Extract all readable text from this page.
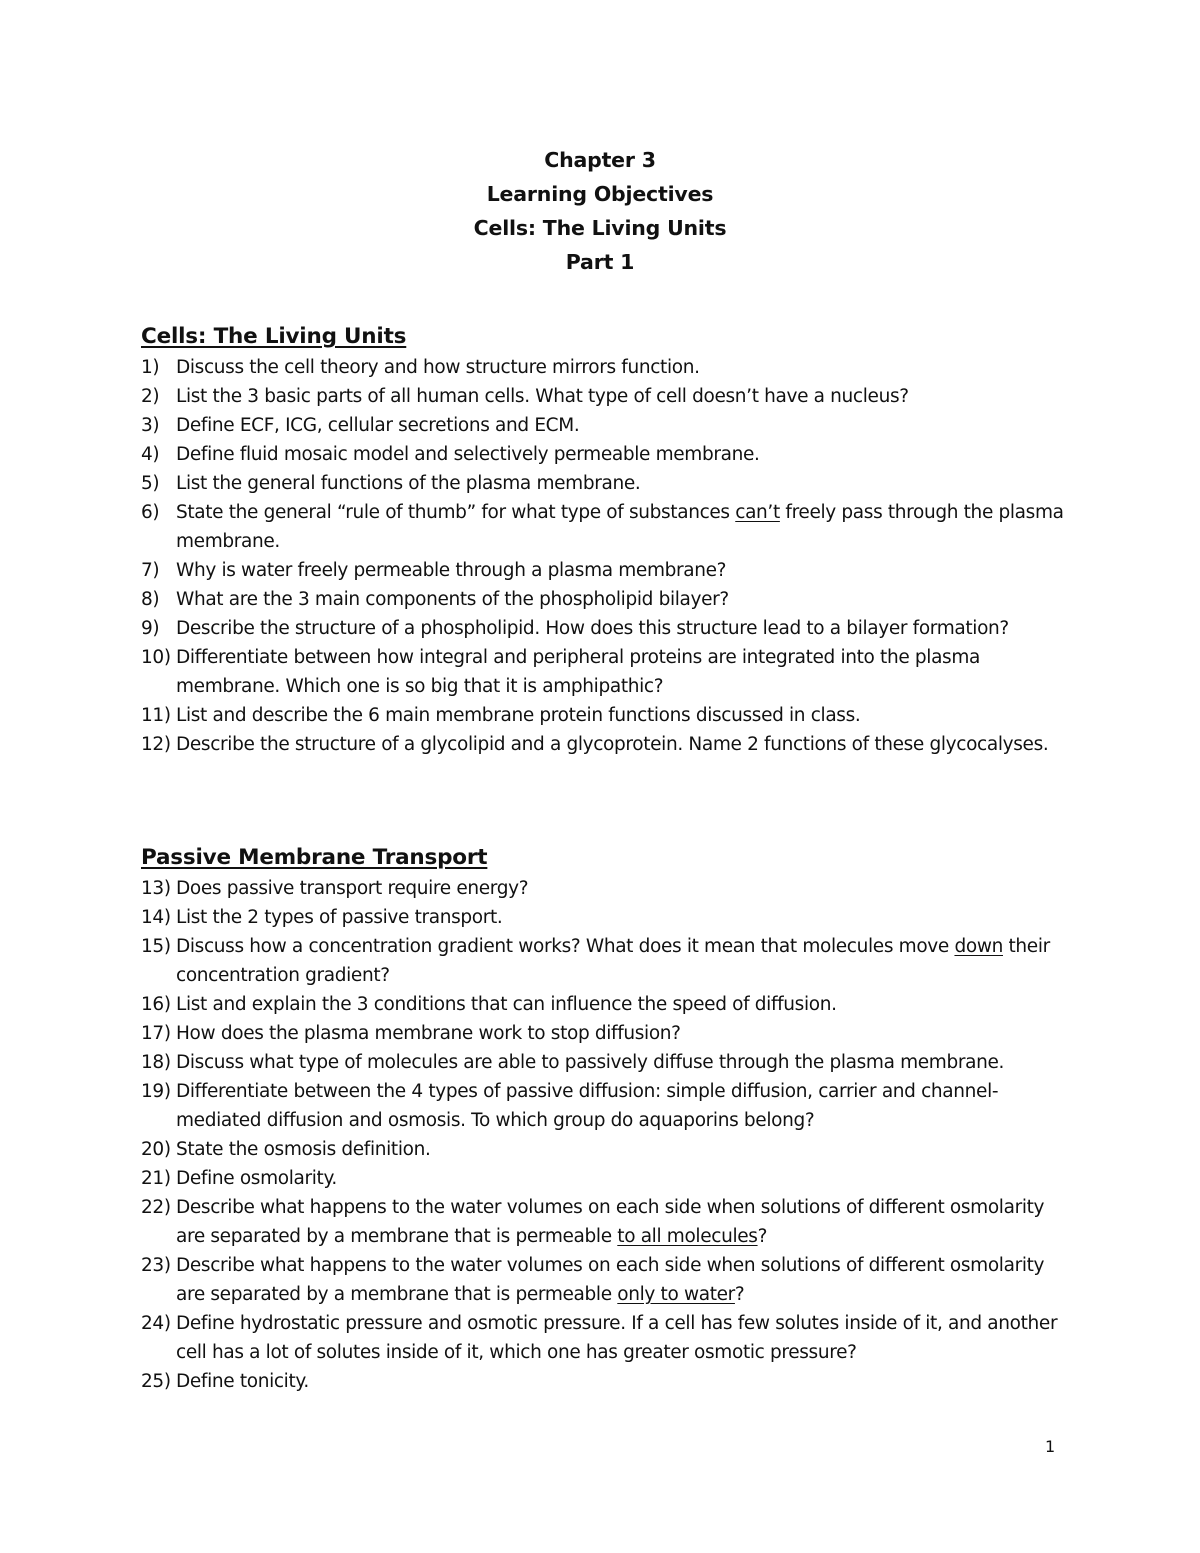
Chapter 3
Learning Objectives
Cells: The Living Units
Part 1
Cells: The Living Units
1) Discuss the cell theory and how structure mirrors function.
2) List the 3 basic parts of all human cells. What type of cell doesn’t have a nucleus?
3) Define ECF, ICG, cellular secretions and ECM.
4) Define fluid mosaic model and selectively permeable membrane.
5) List the general functions of the plasma membrane.
6) State the general “rule of thumb” for what type of substances can’t freely pass through the plasma membrane.
7) Why is water freely permeable through a plasma membrane?
8) What are the 3 main components of the phospholipid bilayer?
9) Describe the structure of a phospholipid. How does this structure lead to a bilayer formation?
10) Differentiate between how integral and peripheral proteins are integrated into the plasma membrane. Which one is so big that it is amphipathic?
11) List and describe the 6 main membrane protein functions discussed in class.
12) Describe the structure of a glycolipid and a glycoprotein. Name 2 functions of these glycocalyses.
Passive Membrane Transport
13) Does passive transport require energy?
14) List the 2 types of passive transport.
15) Discuss how a concentration gradient works? What does it mean that molecules move down their concentration gradient?
16) List and explain the 3 conditions that can influence the speed of diffusion.
17) How does the plasma membrane work to stop diffusion?
18) Discuss what type of molecules are able to passively diffuse through the plasma membrane.
19) Differentiate between the 4 types of passive diffusion: simple diffusion, carrier and channel-mediated diffusion and osmosis. To which group do aquaporins belong?
20) State the osmosis definition.
21) Define osmolarity.
22) Describe what happens to the water volumes on each side when solutions of different osmolarity are separated by a membrane that is permeable to all molecules?
23) Describe what happens to the water volumes on each side when solutions of different osmolarity are separated by a membrane that is permeable only to water?
24) Define hydrostatic pressure and osmotic pressure. If a cell has few solutes inside of it, and another cell has a lot of solutes inside of it, which one has greater osmotic pressure?
25) Define tonicity.
1
